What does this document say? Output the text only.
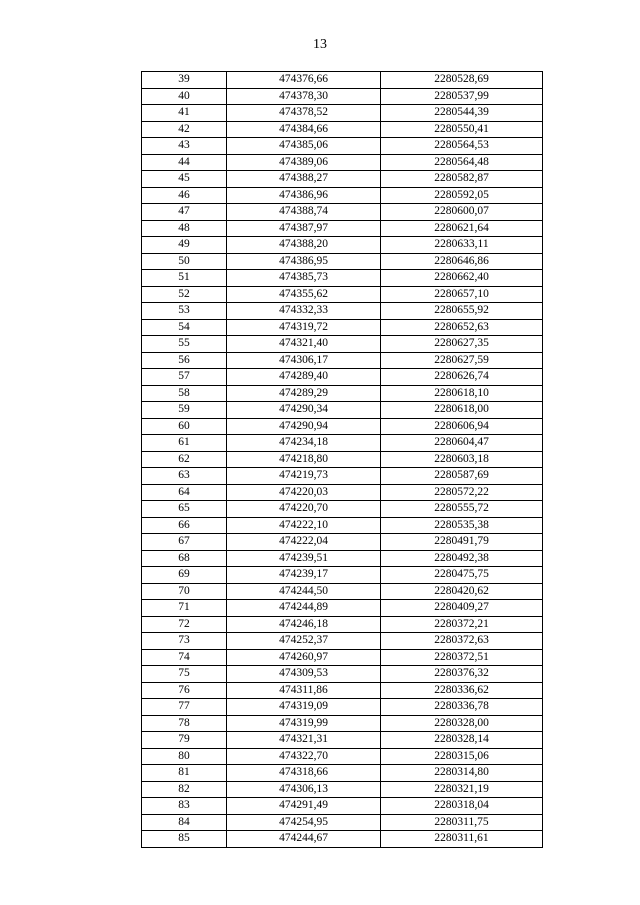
13
39	474376,66	2280528,69
40	474378,30	2280537,99
41	474378,52	2280544,39
42	474384,66	2280550,41
43	474385,06	2280564,53
44	474389,06	2280564,48
45	474388,27	2280582,87
46	474386,96	2280592,05
47	474388,74	2280600,07
48	474387,97	2280621,64
49	474388,20	2280633,11
50	474386,95	2280646,86
51	474385,73	2280662,40
52	474355,62	2280657,10
53	474332,33	2280655,92
54	474319,72	2280652,63
55	474321,40	2280627,35
56	474306,17	2280627,59
57	474289,40	2280626,74
58	474289,29	2280618,10
59	474290,34	2280618,00
60	474290,94	2280606,94
61	474234,18	2280604,47
62	474218,80	2280603,18
63	474219,73	2280587,69
64	474220,03	2280572,22
65	474220,70	2280555,72
66	474222,10	2280535,38
67	474222,04	2280491,79
68	474239,51	2280492,38
69	474239,17	2280475,75
70	474244,50	2280420,62
71	474244,89	2280409,27
72	474246,18	2280372,21
73	474252,37	2280372,63
74	474260,97	2280372,51
75	474309,53	2280376,32
76	474311,86	2280336,62
77	474319,09	2280336,78
78	474319,99	2280328,00
79	474321,31	2280328,14
80	474322,70	2280315,06
81	474318,66	2280314,80
82	474306,13	2280321,19
83	474291,49	2280318,04
84	474254,95	2280311,75
85	474244,67	2280311,61
